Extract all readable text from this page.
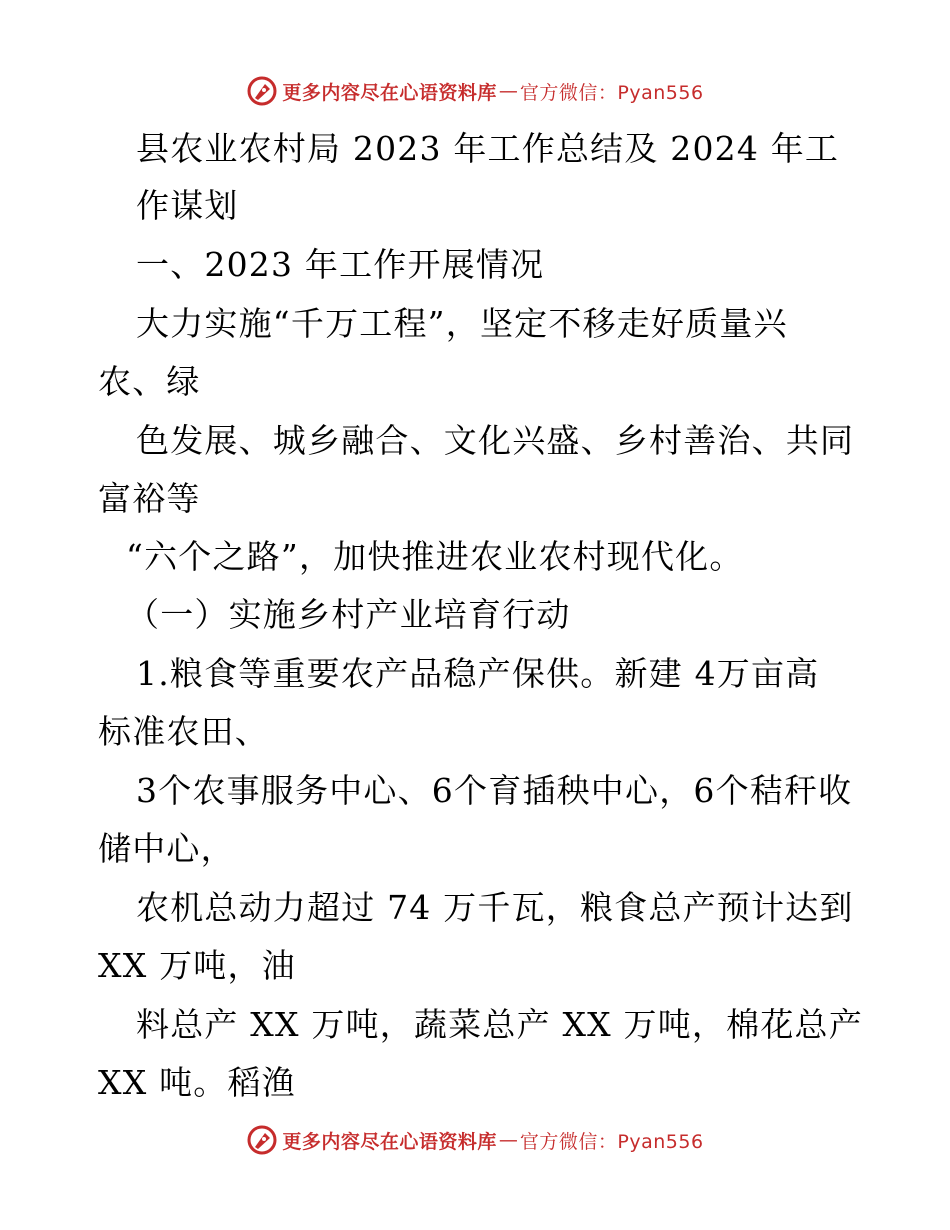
更多内容尽在心语资料库 — 官方微信：Pyan556
县农业农村局 2023 年工作总结及 2024 年工
作谋划
一、2023 年工作开展情况
大力实施“千万工程”，坚定不移走好质量兴
农、绿
色发展、城乡融合、文化兴盛、乡村善治、共同
富裕等
“六个之路”，加快推进农业农村现代化。
（一）实施乡村产业培育行动
1.粮食等重要农产品稳产保供。新建 4万亩高
标准农田、
3个农事服务中心、6个育插秧中心，6个秸秆收
储中心，
农机总动力超过 74 万千瓦，粮食总产预计达到
XX 万吨，油
料总产 XX 万吨，蔬菜总产 XX 万吨，棉花总产
XX 吨。稻渔
更多内容尽在心语资料库 — 官方微信：Pyan556
